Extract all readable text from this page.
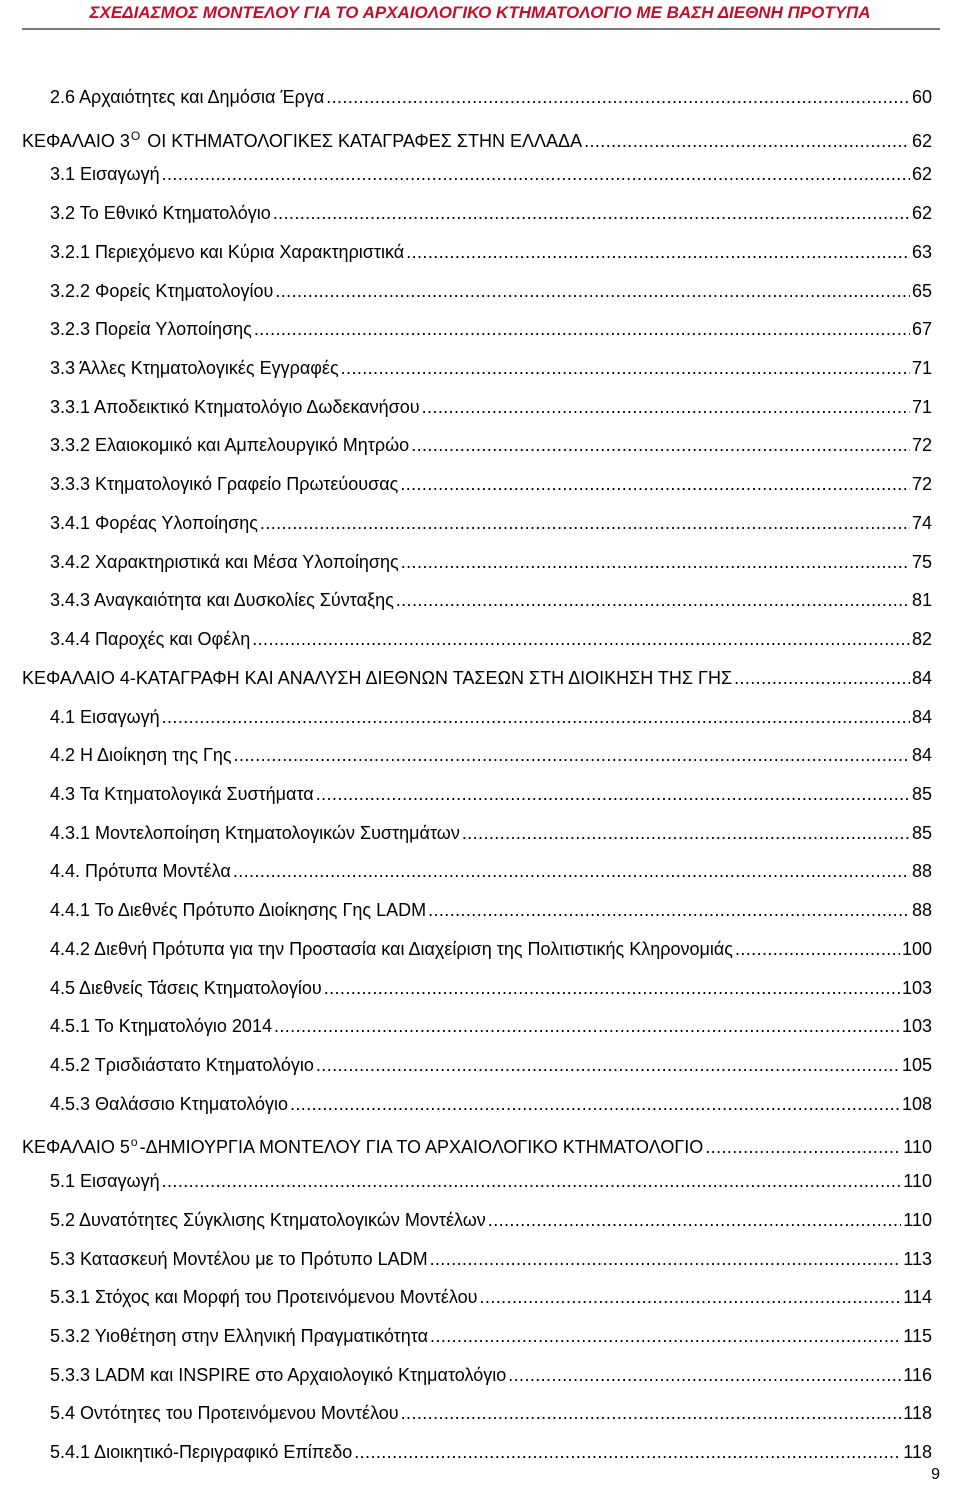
ΣΧΕΔΙΑΣΜΟΣ ΜΟΝΤΕΛΟΥ ΓΙΑ ΤΟ ΑΡΧΑΙΟΛΟΓΙΚΟ ΚΤΗΜΑΤΟΛΟΓΙΟ ΜΕ ΒΑΣΗ ΔΙΕΘΝΗ ΠΡΟΤΥΠΑ
2.6 Αρχαιότητες και Δημόσια Έργα . . .	60
ΚΕΦΑΛΑΙΟ $3^O$ ΟΙ ΚΤΗΜΑΤΟΛΟΓΙΚΕΣ ΚΑΤΑΓΡΑΦΕΣ ΣΤΗΝ ΕΛΛΑΔΑ . . .	62
3.1 Εισαγωγή . . .	62
3.2 Το Εθνικό Κτηματολόγιο . . .	62
3.2.1 Περιεχόμενο και Κύρια Χαρακτηριστικά . . .	63
3.2.2 Φορείς Κτηματολογίου . . .	65
3.2.3 Πορεία Υλοποίησης . . .	67
3.3 Άλλες Κτηματολογικές Εγγραφές . . .	71
3.3.1 Αποδεικτικό Κτηματολόγιο Δωδεκανήσου . . .	71
3.3.2 Ελαιοκομικό και Αμπελουργικό Μητρώο . . .	72
3.3.3 Κτηματολογικό Γραφείο Πρωτεύουσας . . .	72
3.4.1 Φορέας Υλοποίησης . . .	74
3.4.2 Χαρακτηριστικά και Μέσα Υλοποίησης . . .	75
3.4.3 Αναγκαιότητα και Δυσκολίες Σύνταξης . . .	81
3.4.4 Παροχές και Οφέλη . . .	82
ΚΕΦΑΛΑΙΟ 4-ΚΑΤΑΓΡΑΦΗ ΚΑΙ ΑΝΑΛΥΣΗ ΔΙΕΘΝΩΝ ΤΑΣΕΩΝ ΣΤΗ ΔΙΟΙΚΗΣΗ ΤΗΣ ΓΗΣ . . .	84
4.1 Εισαγωγή . . .	84
4.2 Η Διοίκηση της Γης . . .	84
4.3 Τα Κτηματολογικά Συστήματα . . .	85
4.3.1 Μοντελοποίηση Κτηματολογικών Συστημάτων . . .	85
4.4. Πρότυπα Μοντέλα . . .	88
4.4.1 Το Διεθνές Πρότυπο Διοίκησης Γης LADM . . .	88
4.4.2 Διεθνή Πρότυπα για την Προστασία και Διαχείριση της Πολιτιστικής Κληρονομιάς . . .	100
4.5 Διεθνείς Τάσεις Κτηματολογίου . . .	103
4.5.1 Το Κτηματολόγιο 2014 . . .	103
4.5.2 Τρισδιάστατο Κτηματολόγιο . . .	105
4.5.3 Θαλάσσιο Κτηματολόγιο . . .	108
ΚΕΦΑΛΑΙΟ $5^o$ -ΔΗΜΙΟΥΡΓΙΑ ΜΟΝΤΕΛΟΥ ΓΙΑ ΤΟ ΑΡΧΑΙΟΛΟΓΙΚΟ ΚΤΗΜΑΤΟΛΟΓΙΟ . . .	110
5.1 Εισαγωγή . . .	110
5.2 Δυνατότητες Σύγκλισης Κτηματολογικών Μοντέλων . . .	110
5.3 Κατασκευή Μοντέλου με το Πρότυπο LADM . . .	113
5.3.1 Στόχος και Μορφή του Προτεινόμενου Μοντέλου . . .	114
5.3.2 Υιοθέτηση στην Ελληνική Πραγματικότητα . . .	115
5.3.3 LADM και INSPIRE στο Αρχαιολογικό Κτηματολόγιο . . .	116
5.4 Οντότητες του Προτεινόμενου Μοντέλου . . .	118
5.4.1 Διοικητικό-Περιγραφικό Επίπεδο . . .	118
9
